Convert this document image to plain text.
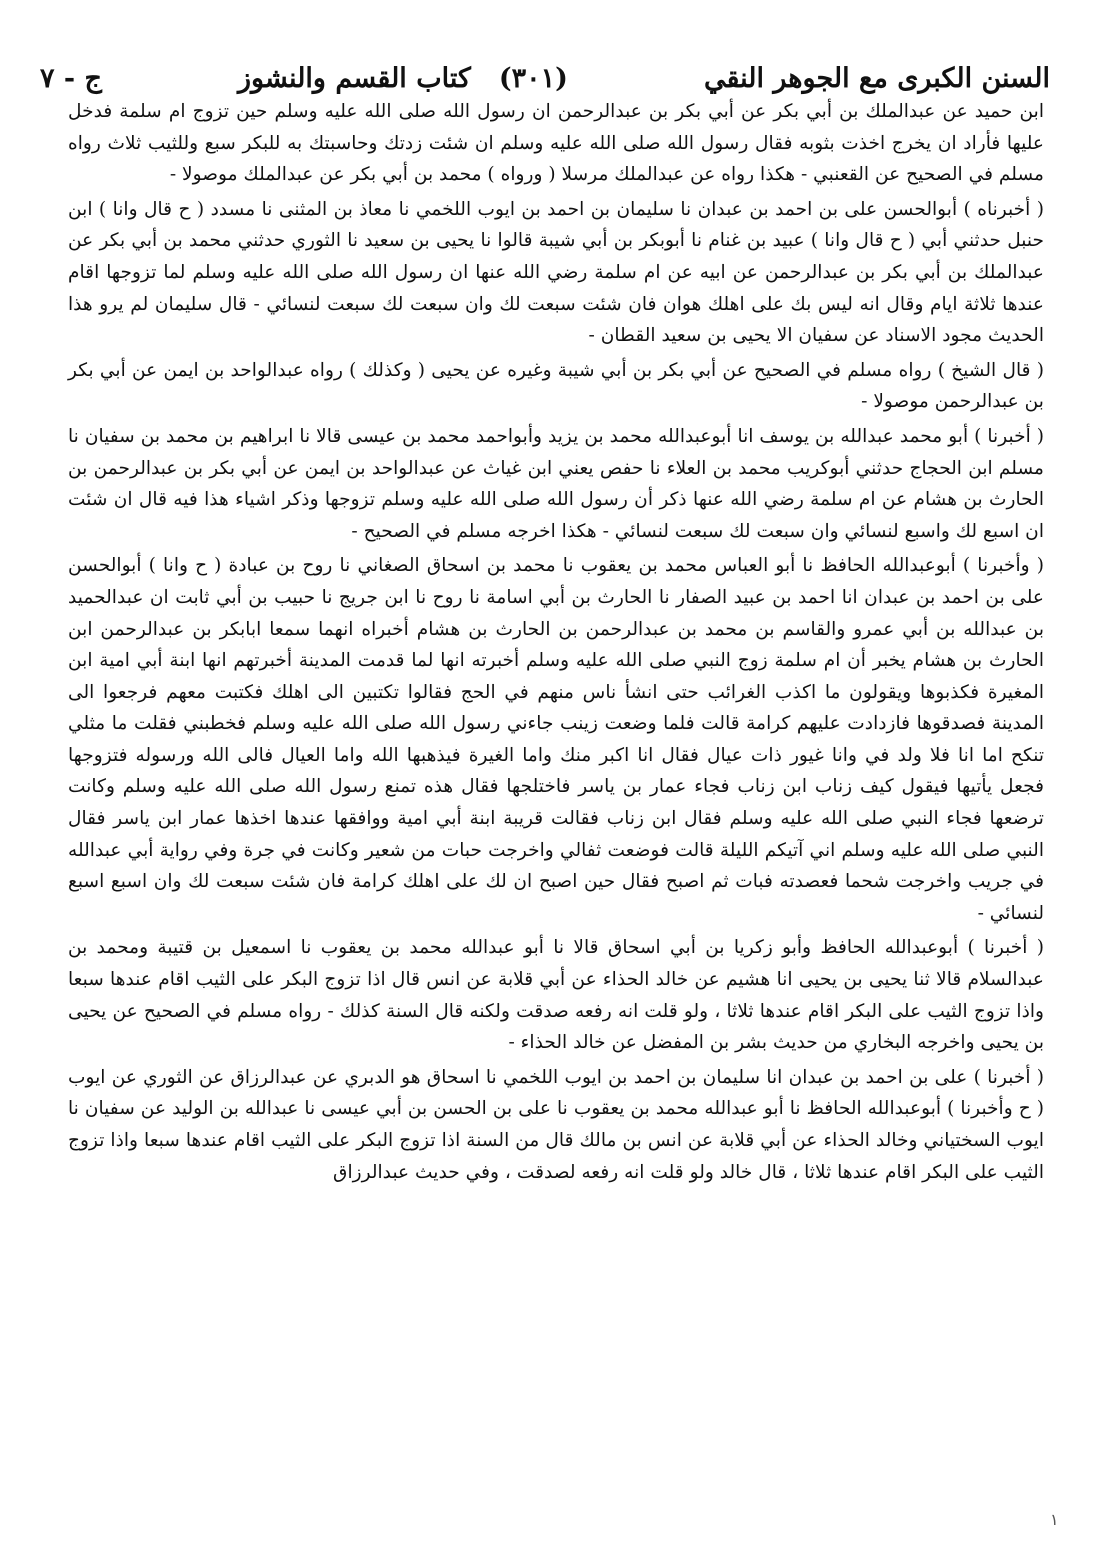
السنن الكبرى مع الجوهر النقي
(٣٠١)
كتاب القسم والنشوز
ج - ٧

ابن حميد عن عبدالملك بن أبي بكر عن أبي بكر بن عبدالرحمن ان رسول الله صلى الله عليه وسلم حين تزوج ام سلمة فدخل عليها فأراد ان يخرج اخذت بثوبه فقال رسول الله صلى الله عليه وسلم ان شئت زدتك وحاسبتك به للبكر سبع وللثيب ثلاث رواه مسلم في الصحيح عن القعنبي - هكذا رواه عن عبدالملك مرسلا ( ورواه ) محمد بن أبي بكر عن عبدالملك موصولا -

( أخبرناه ) أبوالحسن على بن احمد بن عبدان نا سليمان بن احمد بن ايوب اللخمي نا معاذ بن المثنى نا مسدد ( ح قال وانا ) ابن حنبل حدثني أبي ( ح قال وانا ) عبيد بن غنام نا أبوبكر بن أبي شيبة قالوا نا يحيى بن سعيد نا الثوري حدثني محمد بن أبي بكر عن عبدالملك بن أبي بكر بن عبدالرحمن عن ابيه عن ام سلمة رضي الله عنها ان رسول الله صلى الله عليه وسلم لما تزوجها اقام عندها ثلاثة ايام وقال انه ليس بك على اهلك هوان فان شئت سبعت لك وان سبعت لك سبعت لنسائي - قال سليمان لم يرو هذا الحديث مجود الاسناد عن سفيان الا يحيى بن سعيد القطان -

( قال الشيخ ) رواه مسلم في الصحيح عن أبي بكر بن أبي شيبة وغيره عن يحيى ( وكذلك ) رواه عبدالواحد بن ايمن عن أبي بكر بن عبدالرحمن موصولا -

( أخبرنا ) أبو محمد عبدالله بن يوسف انا أبوعبدالله محمد بن يزيد وأبواحمد محمد بن عيسى قالا نا ابراهيم بن محمد بن سفيان نا مسلم ابن الحجاج حدثني أبوكريب محمد بن العلاء نا حفص يعني ابن غياث عن عبدالواحد بن ايمن عن أبي بكر بن عبدالرحمن بن الحارث بن هشام عن ام سلمة رضي الله عنها ذكر أن رسول الله صلى الله عليه وسلم تزوجها وذكر اشياء هذا فيه قال ان شئت ان اسبع لك واسبع لنسائي وان سبعت لك سبعت لنسائي - هكذا اخرجه مسلم في الصحيح -

( وأخبرنا ) أبوعبدالله الحافظ نا أبو العباس محمد بن يعقوب نا محمد بن اسحاق الصغاني نا روح بن عبادة ( ح وانا ) أبوالحسن على بن احمد بن عبدان انا احمد بن عبيد الصفار نا الحارث بن أبي اسامة نا روح نا ابن جريج نا حبيب بن أبي ثابت ان عبدالحميد بن عبدالله بن أبي عمرو والقاسم بن محمد بن عبدالرحمن بن الحارث بن هشام أخبراه انهما سمعا ابابكر بن عبدالرحمن ابن الحارث بن هشام يخبر أن ام سلمة زوج النبي صلى الله عليه وسلم أخبرته انها لما قدمت المدينة أخبرتهم انها ابنة أبي امية ابن المغيرة فكذبوها ويقولون ما اكذب الغرائب حتى انشأ ناس منهم في الحج فقالوا تكتبين الى اهلك فكتبت معهم فرجعوا الى المدينة فصدقوها فازدادت عليهم كرامة قالت فلما وضعت زينب جاءني رسول الله صلى الله عليه وسلم فخطبني فقلت ما مثلي تنكح اما انا فلا ولد في وانا غيور ذات عيال فقال انا اكبر منك واما الغيرة فيذهبها الله واما العيال فالى الله ورسوله فتزوجها فجعل يأتيها فيقول كيف زناب ابن زناب فجاء عمار بن ياسر فاختلجها فقال هذه تمنع رسول الله صلى الله عليه وسلم وكانت ترضعها فجاء النبي صلى الله عليه وسلم فقال ابن زناب فقالت قريبة ابنة أبي امية ووافقها عندها اخذها عمار ابن ياسر فقال النبي صلى الله عليه وسلم اني آتيكم الليلة قالت فوضعت ثفالي واخرجت حبات من شعير وكانت في جرة وفي رواية أبي عبدالله في جريب واخرجت شحما فعصدته فبات ثم اصبح فقال حين اصبح ان لك على اهلك كرامة فان شئت سبعت لك وان اسبع اسبع لنسائي -

( أخبرنا ) أبوعبدالله الحافظ وأبو زكريا بن أبي اسحاق قالا نا أبو عبدالله محمد بن يعقوب نا اسمعيل بن قتيبة ومحمد بن عبدالسلام قالا ثنا يحيى بن يحيى انا هشيم عن خالد الحذاء عن أبي قلابة عن انس قال اذا تزوج البكر على الثيب اقام عندها سبعا واذا تزوج الثيب على البكر اقام عندها ثلاثا ، ولو قلت انه رفعه صدقت ولكنه قال السنة كذلك - رواه مسلم في الصحيح عن يحيى بن يحيى واخرجه البخاري من حديث بشر بن المفضل عن خالد الحذاء -

( أخبرنا ) على بن احمد بن عبدان انا سليمان بن احمد بن ايوب اللخمي نا اسحاق هو الدبري عن عبدالرزاق عن الثوري عن ايوب ( ح وأخبرنا ) أبوعبدالله الحافظ نا أبو عبدالله محمد بن يعقوب نا على بن الحسن بن أبي عيسى نا عبدالله بن الوليد عن سفيان نا ايوب السختياني وخالد الحذاء عن أبي قلابة عن انس بن مالك قال من السنة اذا تزوج البكر على الثيب اقام عندها سبعا واذا تزوج الثيب على البكر اقام عندها ثلاثا ، قال خالد ولو قلت انه رفعه لصدقت ، وفي حديث عبدالرزاق

١
